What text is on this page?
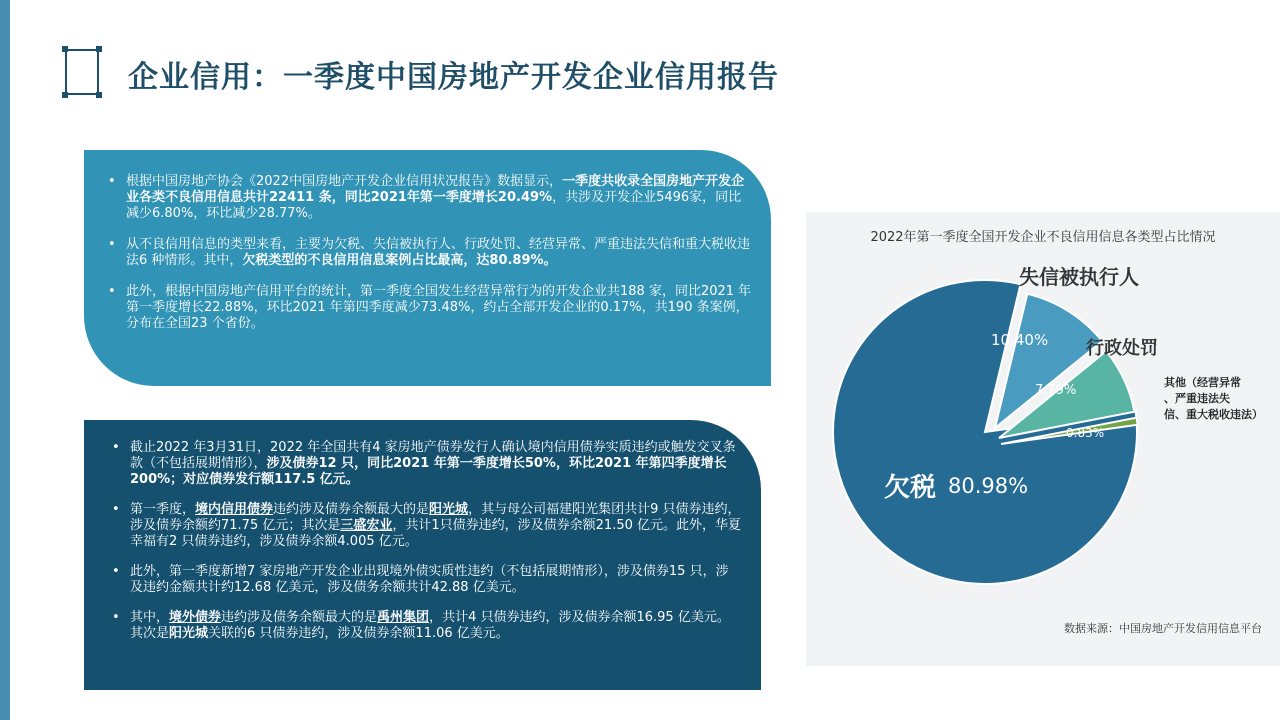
企业信用：一季度中国房地产开发企业信用报告
• 根据中国房地产协会《2022中国房地产开发企业信用状况报告》数据显示，一季度共收录全国房地产开发企业各类不良信用信息共计22411 条，同比2021年第一季度增长20.49%，共涉及开发企业5496家，同比减少6.80%，环比减少28.77%。
• 从不良信用信息的类型来看，主要为欠税、失信被执行人、行政处罚、经营异常、严重违法失信和重大税收违法6 种情形。其中，欠税类型的不良信用信息案例占比最高，达80.89%。
• 此外，根据中国房地产信用平台的统计，第一季度全国发生经营异常行为的开发企业共188 家，同比2021 年第一季度增长22.88%，环比2021 年第四季度减少73.48%，约占全部开发企业的0.17%，共190 条案例，分布在全国23 个省份。
• 截止2022 年3月31日，2022 年全国共有4 家房地产债券发行人确认境内信用债券实质违约或触发交叉条款（不包括展期情形），涉及债券12 只，同比2021 年第一季度增长50%，环比2021 年第四季度增长200%；对应债券发行额117.5 亿元。
• 第一季度，境内信用债券违约涉及债券余额最大的是阳光城，其与母公司福建阳光集团共计9 只债券违约，涉及债券余额约71.75 亿元；其次是三盛宏业，共计1只债券违约，涉及债券余额21.50 亿元。此外，华夏幸福有2 只债券违约，涉及债券余额4.005 亿元。
• 此外，第一季度新增7 家房地产开发企业出现境外债实质性违约（不包括展期情形），涉及债券15 只，涉及违约金额共计约12.68 亿美元，涉及债务余额共计42.88 亿美元。
• 其中，境外债券违约涉及债务余额最大的是禹州集团，共计4 只债券违约，涉及债券余额16.95 亿美元。其次是阳光城关联的6 只债券违约，涉及债券余额11.06 亿美元。
2022年第一季度全国开发企业不良信用信息各类型占比情况
欠税 80.98%
失信被执行人
10.40% 行政处罚
7.79%
其他（经营异常
、严重违法失
信、重大税收违法）
0.83%
数据来源：中国房地产开发信用信息平台
